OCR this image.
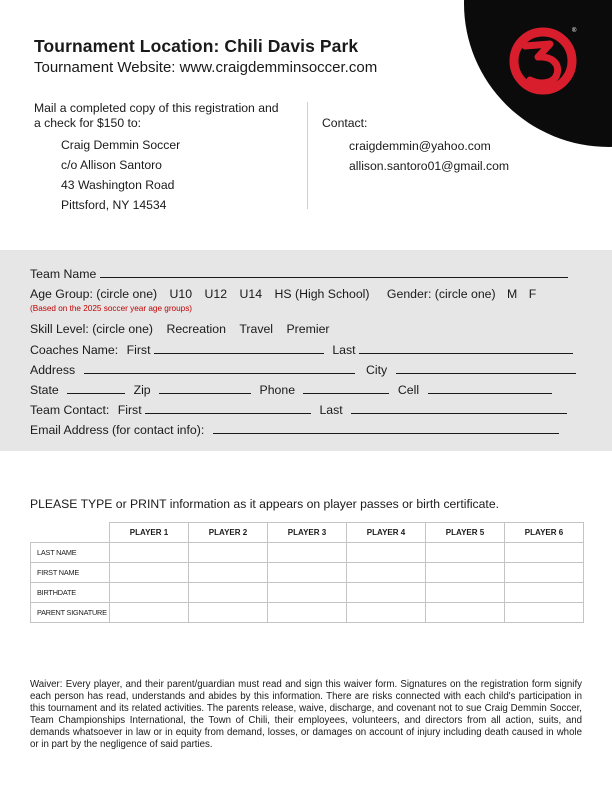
®
Tournament Location: Chili Davis Park
Tournament Website: www.craigdemminsoccer.com
Mail a completed copy of this registration and a check for $150 to:
Craig Demmin Soccer
c/o Allison Santoro
43 Washington Road
Pittsford, NY 14534
Contact:
craigdemmin@yahoo.com
allison.santoro01@gmail.com
Team Name
Age Group: (circle one) U10 U12 U14 HS (High School) Gender: (circle one) M F
(Based on the 2025 soccer year age groups)
Skill Level: (circle one) Recreation Travel Premier
Coaches Name: First	Last
Address	City
State	Zip	Phone	Cell
Team Contact: First	Last
Email Address (for contact info):
PLEASE TYPE or PRINT information as it appears on player passes or birth certificate.
	PLAYER 1	PLAYER 2	PLAYER 3	PLAYER 4	PLAYER 5	PLAYER 6
LAST NAME						
FIRST NAME						
BIRTHDATE						
PARENT SIGNATURE						
Waiver: Every player, and their parent/guardian must read and sign this waiver form. Signatures on the registration form signify each person has read, understands and abides by this information. There are risks connected with each child's participation in this tournament and its related activities. The parents release, waive, discharge, and covenant not to sue Craig Demmin Soccer, Team Championships International, the Town of Chili, their employees, volunteers, and directors from all action, suits, and demands whatsoever in law or in equity from demand, losses, or damages on account of injury including death caused in whole or in part by the negligence of said parties.
